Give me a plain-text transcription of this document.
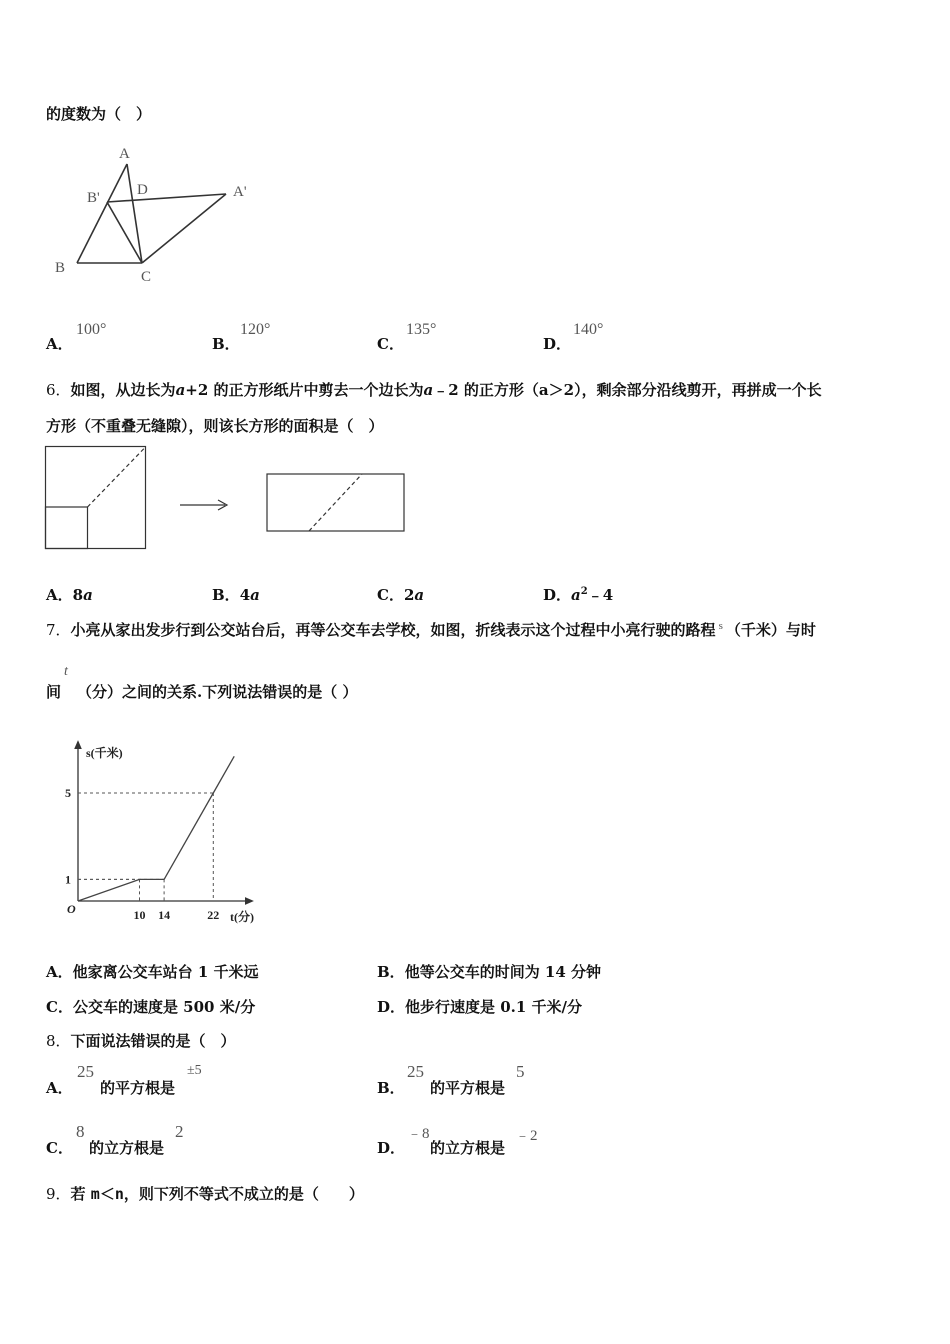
的度数为（　）
A
B' D	A'
B
C
A．
100°
B．
120°
C．
135°
D．
140°
6．如图，从边长为a+2 的正方形纸片中剪去一个边长为a﹣2 的正方形（a＞2），剩余部分沿线剪开，再拼成一个长
方形（不重叠无缝隙），则该长方形的面积是（　）
A．8a	B．4a	C．2a	D．$a^2﹣4$
7．小亮从家出发步行到公交站台后，再等公交车去学校，如图，折线表示这个过程中小亮行驶的路程 $^s$ （千米）与时
t
间 （分）之间的关系.下列说法错误的是（ ）
10 14	22
1
5
s(千米)
t(分)
O
A．他家离公交车站台 1 千米远	B．他等公交车的时间为 14 分钟
C．公交车的速度是 500 米/分	D．他步行速度是 0.1 千米/分
8．下面说法错误的是（　）
A．
25
的平方根是
±5
B．
25
的平方根是
5
C．
8
的立方根是
2
D．
﹣8
的立方根是
﹣2
9．若 m＜n，则下列不等式不成立的是（　　）
